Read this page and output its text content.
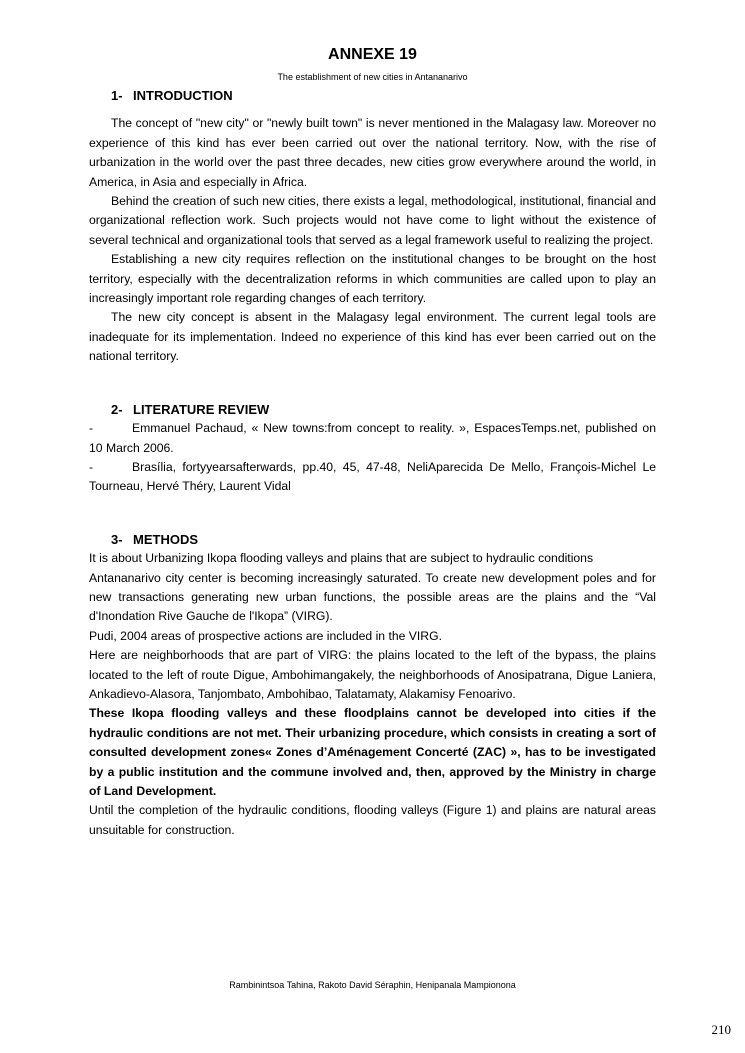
ANNEXE 19
The establishment of new cities in Antananarivo
1- INTRODUCTION

The concept of "new city" or "newly built town" is never mentioned in the Malagasy law. Moreover no experience of this kind has ever been carried out over the national territory. Now, with the rise of urbanization in the world over the past three decades, new cities grow everywhere around the world, in America, in Asia and especially in Africa.

Behind the creation of such new cities, there exists a legal, methodological, institutional, financial and organizational reflection work. Such projects would not have come to light without the existence of several technical and organizational tools that served as a legal framework useful to realizing the project.

Establishing a new city requires reflection on the institutional changes to be brought on the host territory, especially with the decentralization reforms in which communities are called upon to play an increasingly important role regarding changes of each territory.

The new city concept is absent in the Malagasy legal environment. The current legal tools are inadequate for its implementation. Indeed no experience of this kind has ever been carried out on the national territory.

2- LITERATURE REVIEW
-	Emmanuel Pachaud, « New towns:from concept to reality. », EspacesTemps.net, published on 10 March 2006.
-	Brasília, fortyyearsafterwards, pp.40, 45, 47-48, NeliAparecida De Mello, François-Michel Le Tourneau, Hervé Théry, Laurent Vidal
3- METHODS

It is about Urbanizing Ikopa flooding valleys and plains that are subject to hydraulic conditions

Antananarivo city center is becoming increasingly saturated. To create new development poles and for new transactions generating new urban functions, the possible areas are the plains and the “Val d'Inondation Rive Gauche de l'Ikopa” (VIRG).

Pudi, 2004 areas of prospective actions are included in the VIRG.

Here are neighborhoods that are part of VIRG: the plains located to the left of the bypass, the plains located to the left of route Digue, Ambohimangakely, the neighborhoods of Anosipatrana, Digue Laniera, Ankadievo-Alasora, Tanjombato, Ambohibao, Talatamaty, Alakamisy Fenoarivo.

These Ikopa flooding valleys and these floodplains cannot be developed into cities if the hydraulic conditions are not met. Their urbanizing procedure, which consists in creating a sort of consulted development zones« Zones d’Aménagement Concerté (ZAC) », has to be investigated by a public institution and the commune involved and, then, approved by the Ministry in charge of Land Development.

Until the completion of the hydraulic conditions, flooding valleys (Figure 1) and plains are natural areas unsuitable for construction.

Rambinintsoa Tahina, Rakoto David Séraphin, Henipanala Mampionona
210
